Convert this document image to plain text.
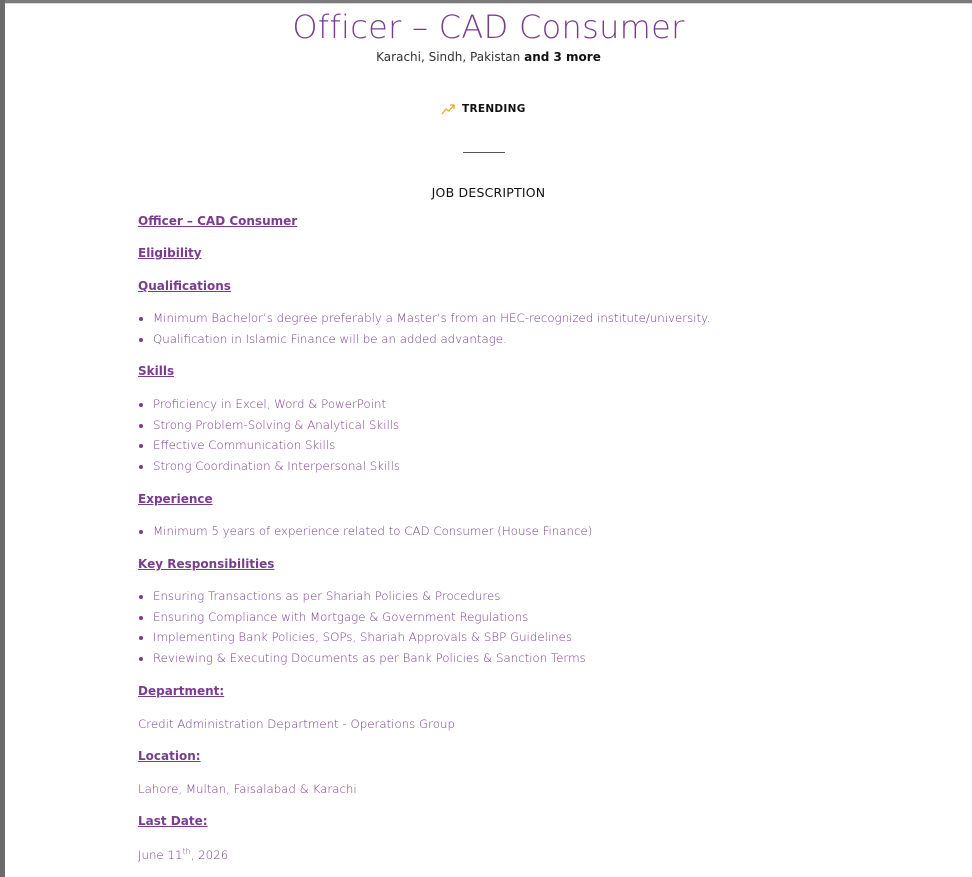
Officer – CAD Consumer
Karachi, Sindh, Pakistan and 3 more
TRENDING
JOB DESCRIPTION
Officer – CAD Consumer
Eligibility
Qualifications
Minimum Bachelor’s degree preferably a Master’s from an HEC-recognized institute/university.
Qualification in Islamic Finance will be an added advantage.
Skills
Proficiency in Excel, Word & PowerPoint
Strong Problem-Solving & Analytical Skills
Effective Communication Skills
Strong Coordination & Interpersonal Skills
Experience
Minimum 5 years of experience related to CAD Consumer (House Finance)
Key Responsibilities
Ensuring Transactions as per Shariah Policies & Procedures
Ensuring Compliance with Mortgage & Government Regulations
Implementing Bank Policies, SOPs, Shariah Approvals & SBP Guidelines
Reviewing & Executing Documents as per Bank Policies & Sanction Terms
Department:
Credit Administration Department - Operations Group
Location:
Lahore, Multan, Faisalabad & Karachi
Last Date:
June 11th, 2026
